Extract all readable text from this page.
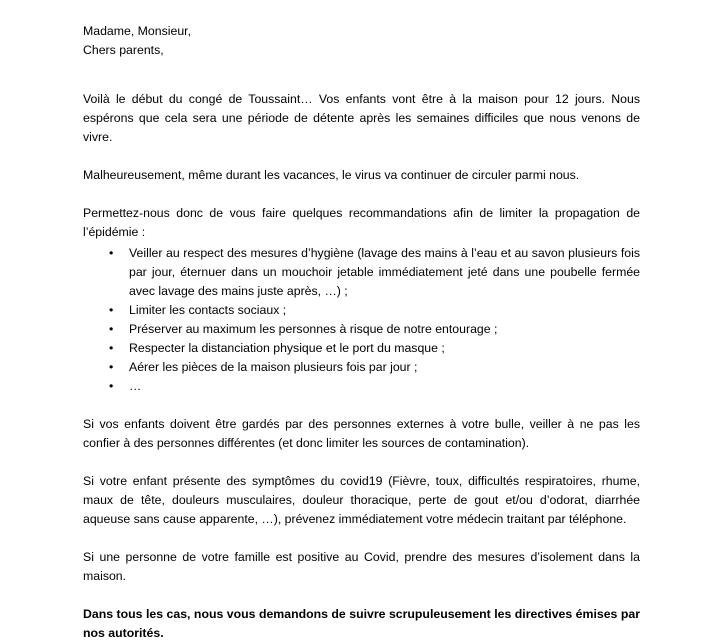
Madame, Monsieur,

Chers parents,

Voilà le début du congé de Toussaint… Vos enfants vont être à la maison pour 12 jours. Nous espérons que cela sera une période de détente après les semaines difficiles que nous venons de vivre.

Malheureusement, même durant les vacances, le virus va continuer de circuler parmi nous.

Permettez-nous donc de vous faire quelques recommandations afin de limiter la propagation de l’épidémie :

• Veiller au respect des mesures d’hygiène (lavage des mains à l’eau et au savon plusieurs fois par jour, éternuer dans un mouchoir jetable immédiatement jeté dans une poubelle fermée avec lavage des mains juste après, …) ;
• Limiter les contacts sociaux ;
• Préserver au maximum les personnes à risque de notre entourage ;
• Respecter la distanciation physique et le port du masque ;
• Aérer les pièces de la maison plusieurs fois par jour ;
• …

Si vos enfants doivent être gardés par des personnes externes à votre bulle, veiller à ne pas les confier à des personnes différentes (et donc limiter les sources de contamination).

Si votre enfant présente des symptômes du covid19 (Fièvre, toux, difficultés respiratoires, rhume, maux de tête, douleurs musculaires, douleur thoracique, perte de gout et/ou d’odorat, diarrhée aqueuse sans cause apparente, …), prévenez immédiatement votre médecin traitant par téléphone.

Si une personne de votre famille est positive au Covid, prendre des mesures d’isolement dans la maison.

Dans tous les cas, nous vous demandons de suivre scrupuleusement les directives émises par nos autorités.
